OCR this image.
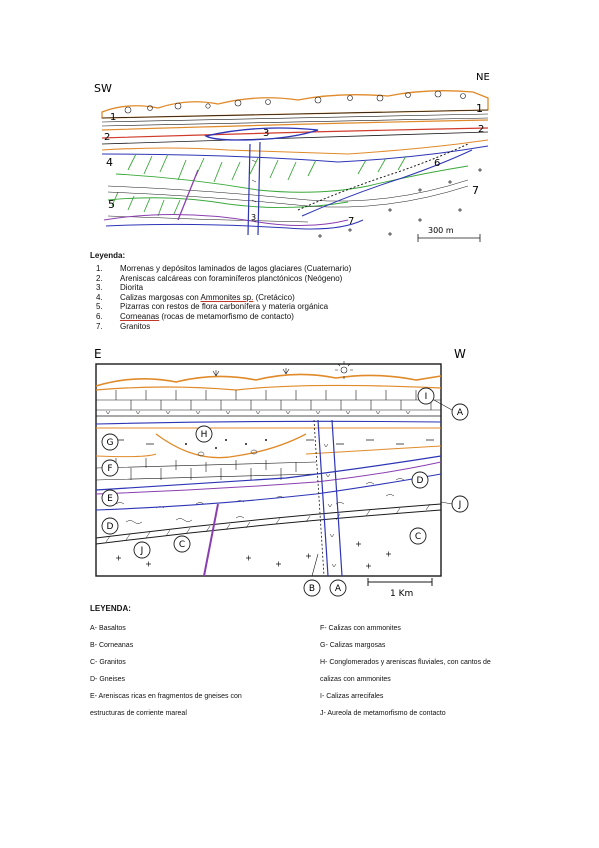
SW
NE
1
1
2
2
3
3
4
5
6
7
7
300 m
Leyenda:
1. Morrenas y depósitos laminados de lagos glaciares (Cuaternario)
2. Areniscas calcáreas con foraminíferos planctónicos (Neógeno)
3. Diorita
4. Calizas margosas con Ammonites sp. (Cretácico)
5. Pizarras con restos de flora carbonífera y materia orgánica
6. Corneanas (rocas de metamorfismo de contacto)
7. Granitos
E	W
I
A
G
H
F
E
D
J
D
J
C
C
B A	1 Km
LEYENDA:
A- Basaltos
B- Corneanas
C- Granitos
D- Gneises
E- Areniscas ricas en fragmentos de gneises con
estructuras de corriente mareal
F- Calizas con ammonites
G- Calizas margosas
H- Conglomerados y areniscas fluviales, con cantos de
calizas con ammonites
I- Calizas arrecifales
J- Aureola de metamorfismo de contacto
